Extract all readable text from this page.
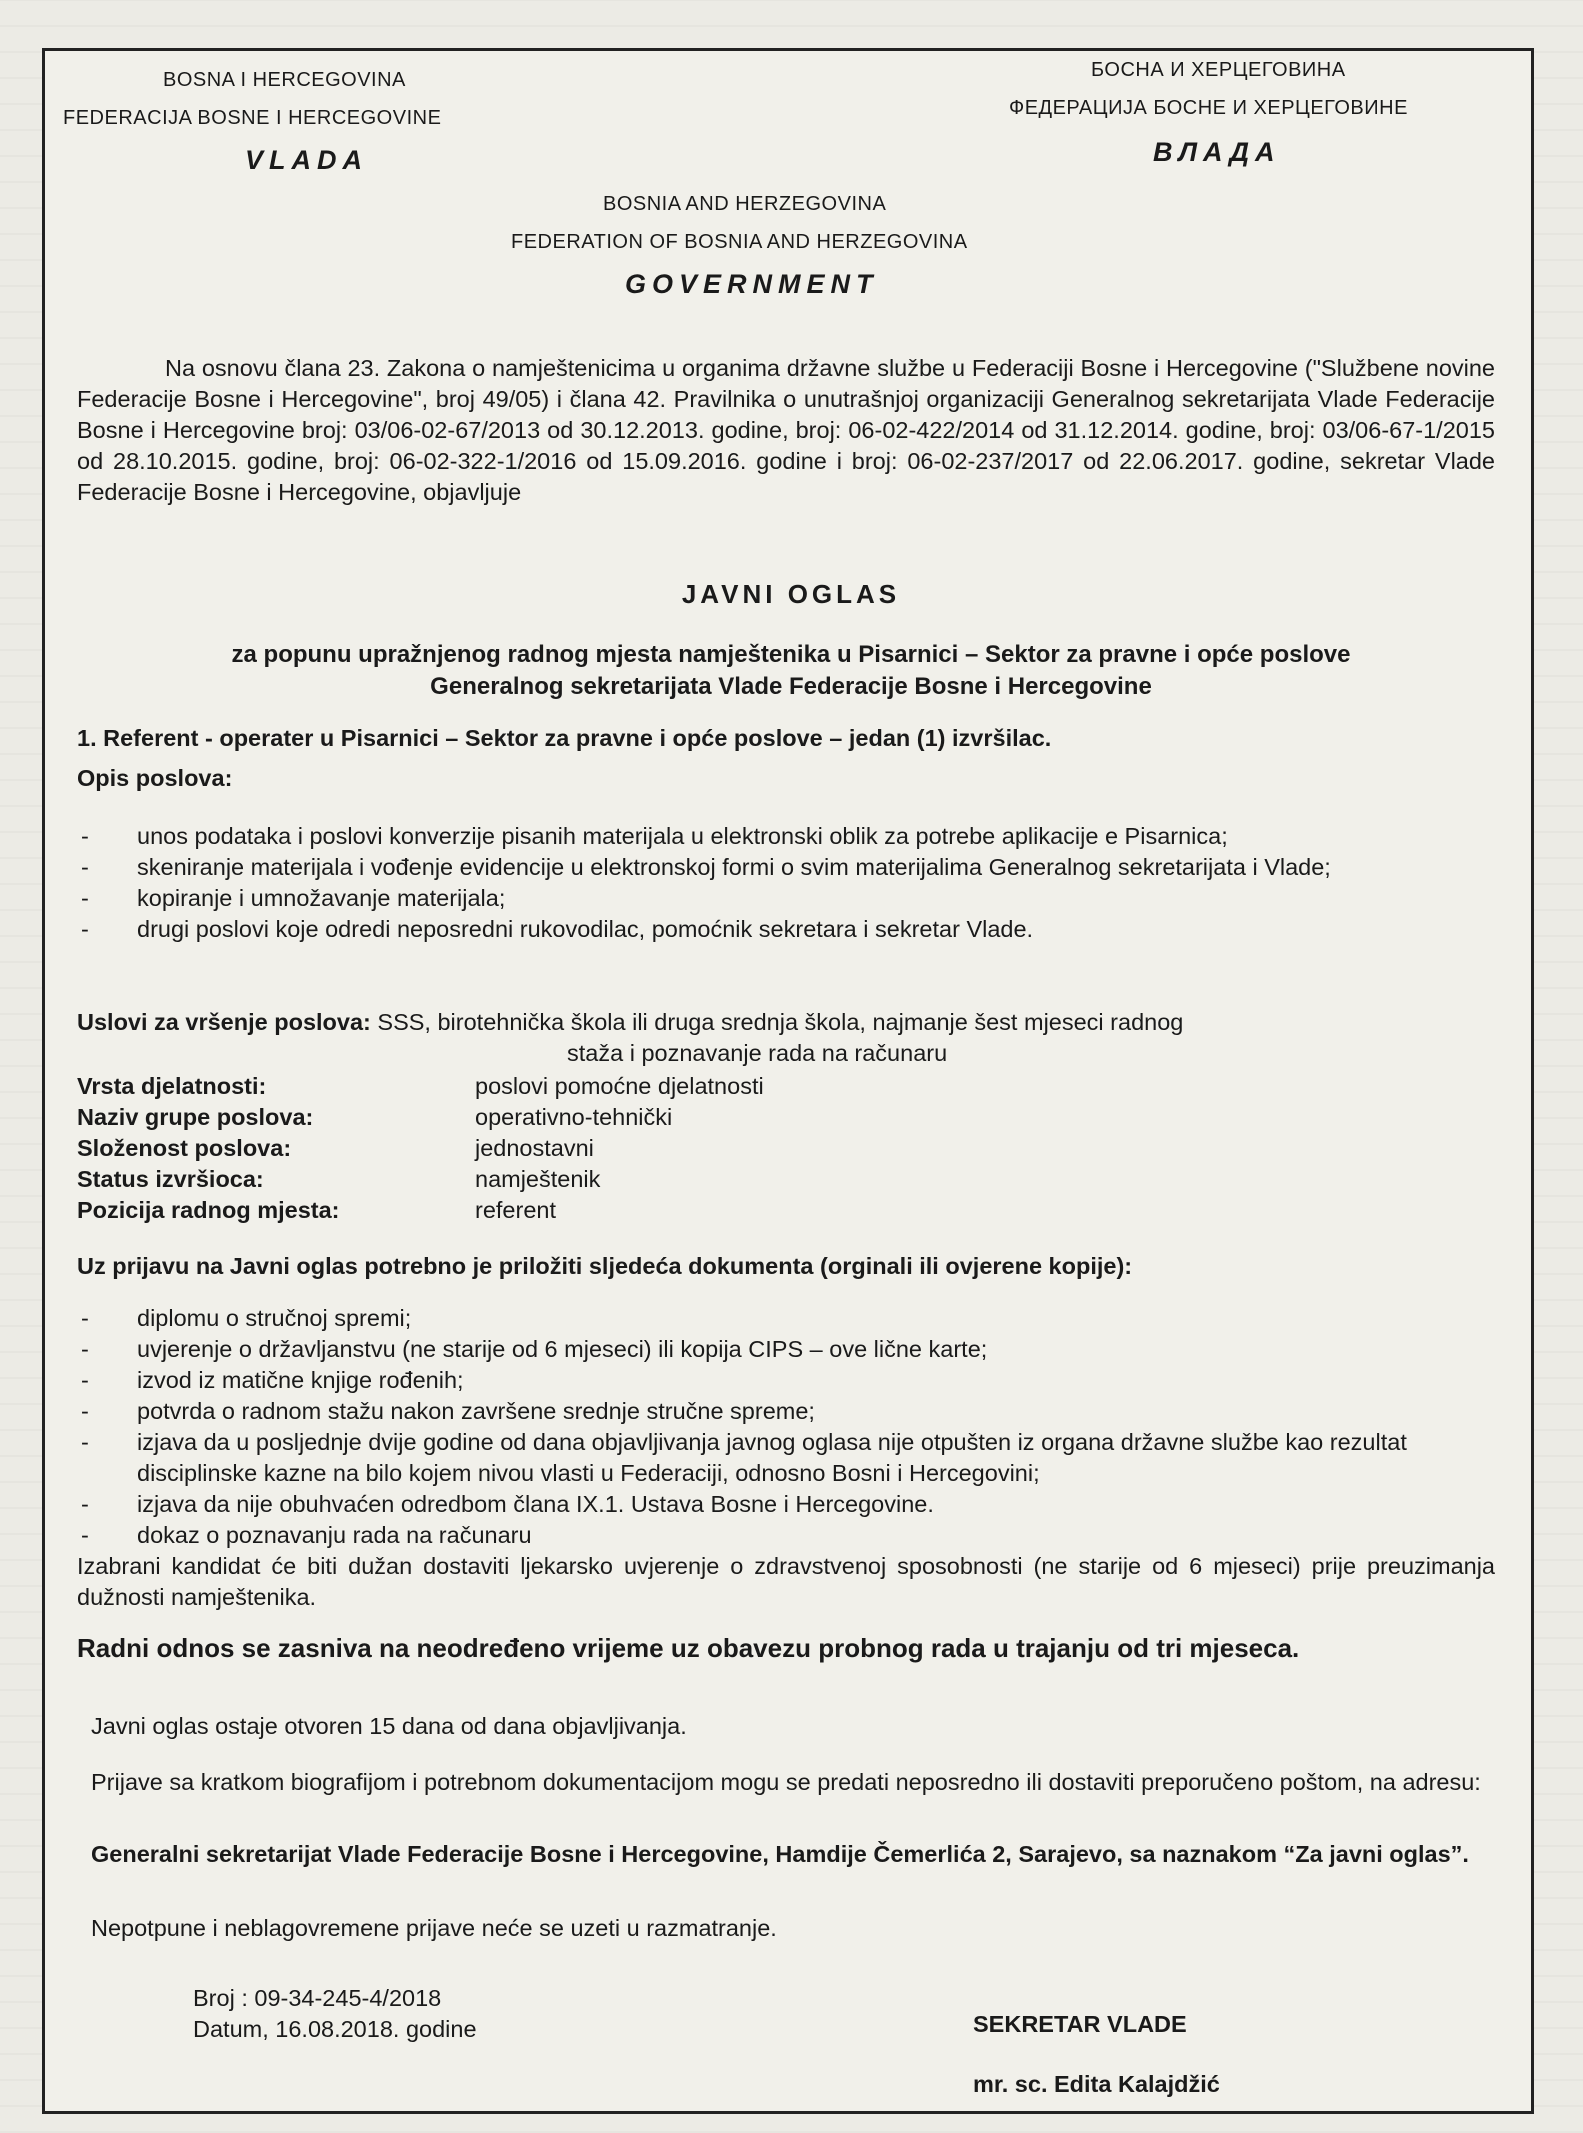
BOSNA I HERCEGOVINA
FEDERACIJA BOSNE I HERCEGOVINE
VLADA
БОСНА И ХЕРЦЕГОВИНА
ФЕДЕРАЦИЈА БОСНЕ И ХЕРЦЕГОВИНЕ
ВЛАДА
BOSNIA AND HERZEGOVINA
FEDERATION OF BOSNIA AND HERZEGOVINA
GOVERNMENT
Na osnovu člana 23. Zakona o namještenicima u organima državne službe u Federaciji Bosne i Hercegovine ("Službene novine Federacije Bosne i Hercegovine", broj 49/05) i člana 42. Pravilnika o unutrašnjoj organizaciji Generalnog sekretarijata Vlade Federacije Bosne i Hercegovine broj: 03/06-02-67/2013 od 30.12.2013. godine, broj: 06-02-422/2014 od 31.12.2014. godine, broj: 03/06-67-1/2015 od 28.10.2015. godine, broj: 06-02-322-1/2016 od 15.09.2016. godine i broj: 06-02-237/2017 od 22.06.2017. godine, sekretar Vlade Federacije Bosne i Hercegovine, objavljuje
JAVNI OGLAS
za popunu upražnjenog radnog mjesta namještenika u Pisarnici – Sektor za pravne i opće poslove
Generalnog sekretarijata Vlade Federacije Bosne i Hercegovine
1. Referent - operater u Pisarnici – Sektor za pravne i opće poslove – jedan (1) izvršilac.
Opis poslova:
- unos podataka i poslovi konverzije pisanih materijala u elektronski oblik za potrebe aplikacije e Pisarnica;
- skeniranje materijala i vođenje evidencije u elektronskoj formi o svim materijalima Generalnog sekretarijata i Vlade;
- kopiranje i umnožavanje materijala;
- drugi poslovi koje odredi neposredni rukovodilac, pomoćnik sekretara i sekretar Vlade.
Uslovi za vršenje poslova: SSS, birotehnička škola ili druga srednja škola, najmanje šest mjeseci radnog
staža i poznavanje rada na računaru
Vrsta djelatnosti:	poslovi pomoćne djelatnosti
Naziv grupe poslova:	operativno-tehnički
Složenost poslova:	jednostavni
Status izvršioca:	namještenik
Pozicija radnog mjesta:	referent
Uz prijavu na Javni oglas potrebno je priložiti sljedeća dokumenta (orginali ili ovjerene kopije):
- diplomu o stručnoj spremi;
- uvjerenje o državljanstvu (ne starije od 6 mjeseci) ili kopija CIPS – ove lične karte;
- izvod iz matične knjige rođenih;
- potvrda o radnom stažu nakon završene srednje stručne spreme;
- izjava da u posljednje dvije godine od dana objavljivanja javnog oglasa nije otpušten iz organa državne službe kao rezultat disciplinske kazne na bilo kojem nivou vlasti u Federaciji, odnosno Bosni i Hercegovini;
- izjava da nije obuhvaćen odredbom člana IX.1. Ustava Bosne i Hercegovine.
- dokaz o poznavanju rada na računaru
Izabrani kandidat će biti dužan dostaviti ljekarsko uvjerenje o zdravstvenoj sposobnosti (ne starije od 6 mjeseci) prije preuzimanja dužnosti namještenika.
Radni odnos se zasniva na neodređeno vrijeme uz obavezu probnog rada u trajanju od tri mjeseca.
Javni oglas ostaje otvoren 15 dana od dana objavljivanja.
Prijave sa kratkom biografijom i potrebnom dokumentacijom mogu se predati neposredno ili dostaviti preporučeno poštom, na adresu:
Generalni sekretarijat Vlade Federacije Bosne i Hercegovine, Hamdije Čemerlića 2, Sarajevo, sa naznakom “Za javni oglas”.
Nepotpune i neblagovremene prijave neće se uzeti u razmatranje.
Broj : 09-34-245-4/2018
Datum, 16.08.2018. godine	SEKRETAR VLADE
mr. sc. Edita Kalajdžić
